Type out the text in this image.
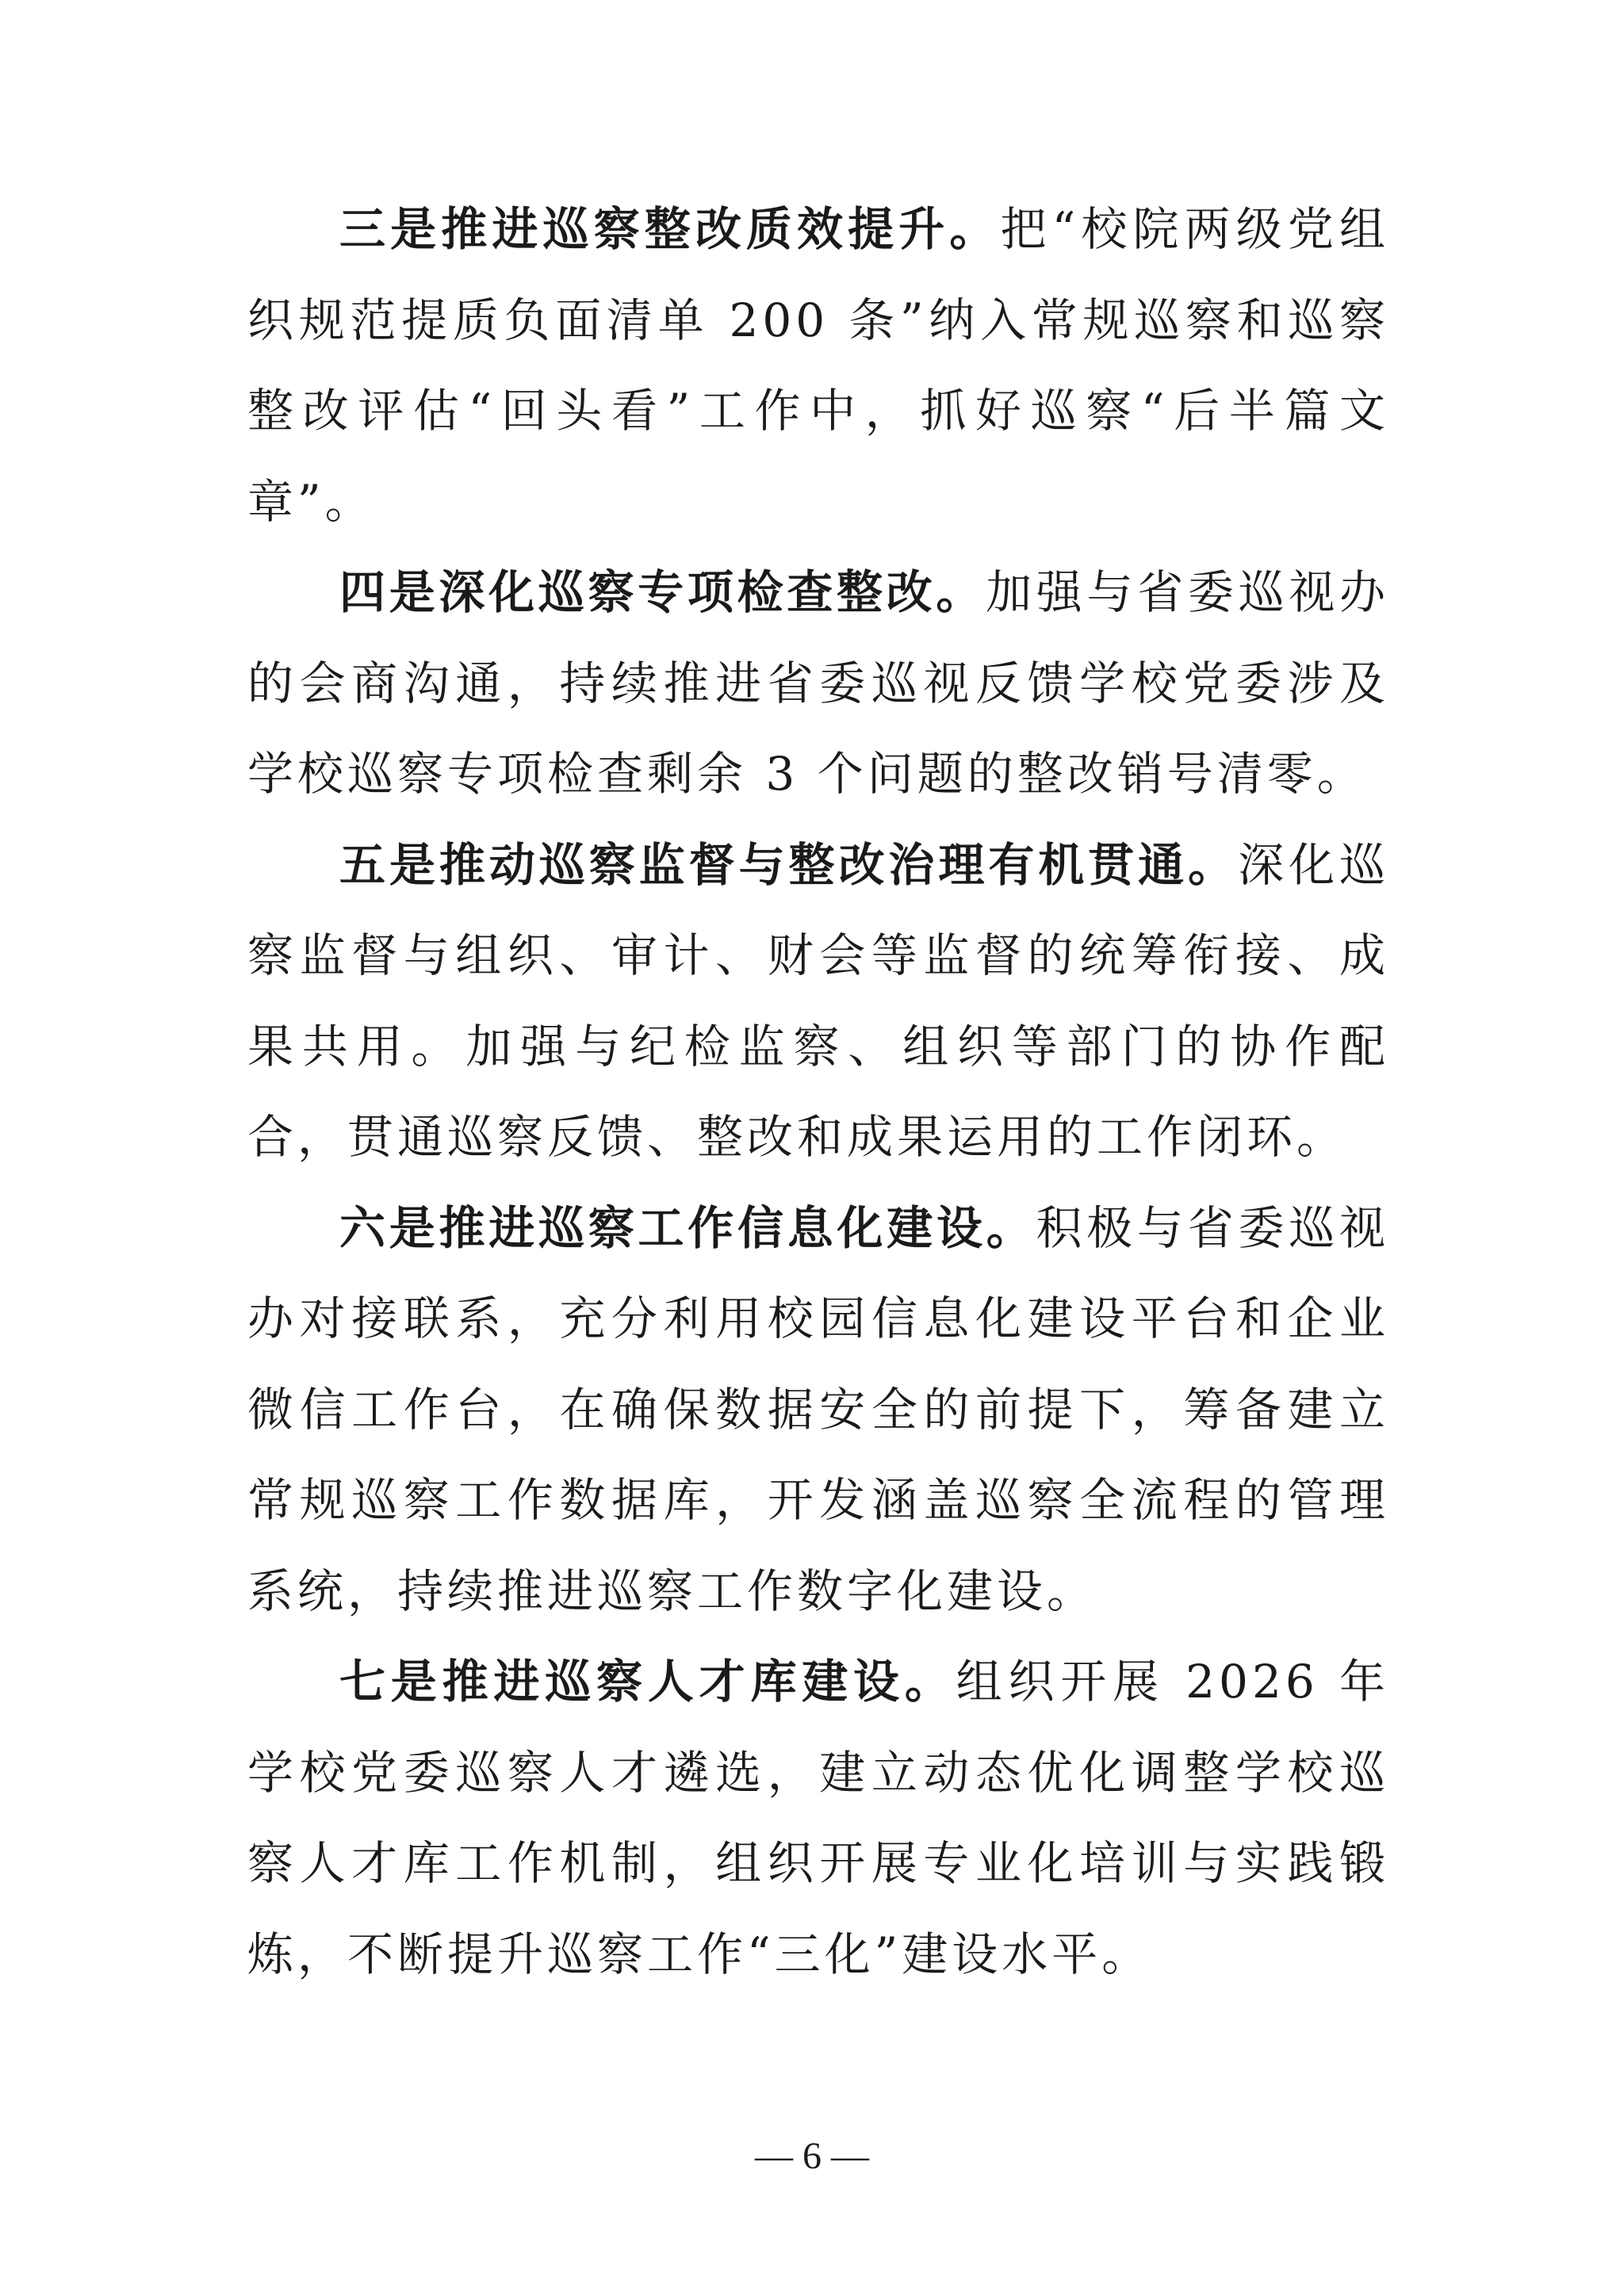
三是推进巡察整改质效提升。把“校院两级党组织规范提质负面清单 200 条”纳入常规巡察和巡察整改评估“回头看”工作中，抓好巡察“后半篇文章”。

四是深化巡察专项检查整改。加强与省委巡视办的会商沟通，持续推进省委巡视反馈学校党委涉及学校巡察专项检查剩余 3 个问题的整改销号清零。

五是推动巡察监督与整改治理有机贯通。深化巡察监督与组织、审计、财会等监督的统筹衔接、成果共用。加强与纪检监察、组织等部门的协作配合，贯通巡察反馈、整改和成果运用的工作闭环。

六是推进巡察工作信息化建设。积极与省委巡视办对接联系，充分利用校园信息化建设平台和企业微信工作台，在确保数据安全的前提下，筹备建立常规巡察工作数据库，开发涵盖巡察全流程的管理系统，持续推进巡察工作数字化建设。

七是推进巡察人才库建设。组织开展 2026 年学校党委巡察人才遴选，建立动态优化调整学校巡察人才库工作机制，组织开展专业化培训与实践锻炼，不断提升巡察工作“三化”建设水平。

— 6 —
